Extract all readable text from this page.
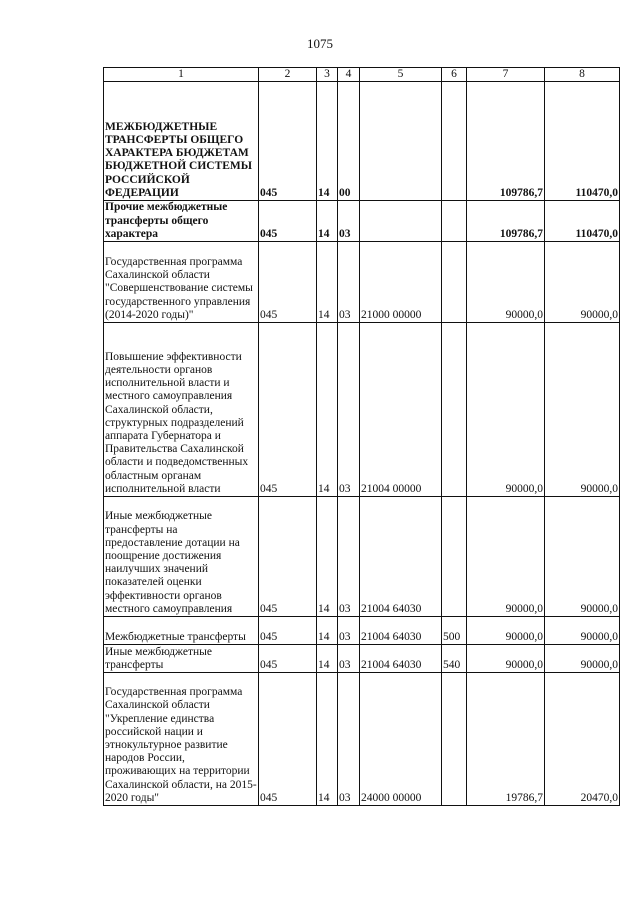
1075
1	2	3	4	5	6	7	8
МЕЖБЮДЖЕТНЫЕ ТРАНСФЕРТЫ ОБЩЕГО ХАРАКТЕРА БЮДЖЕТАМ БЮДЖЕТНОЙ СИСТЕМЫ РОССИЙСКОЙ ФЕДЕРАЦИИ	045	14	00			109786,7	110470,0
Прочие межбюджетные трансферты общего характера	045	14	03			109786,7	110470,0
Государственная программа Сахалинской области "Совершенствование системы государственного управления (2014-2020 годы)"	045	14	03	21000 00000		90000,0	90000,0
Повышение эффективности деятельности органов исполнительной власти и местного самоуправления Сахалинской области, структурных подразделений аппарата Губернатора и Правительства Сахалинской области и подведомственных областным органам исполнительной власти	045	14	03	21004 00000		90000,0	90000,0
Иные межбюджетные трансферты на предоставление дотации на поощрение достижения наилучших значений показателей оценки эффективности органов местного самоуправления	045	14	03	21004 64030		90000,0	90000,0
Межбюджетные трансферты	045	14	03	21004 64030	500	90000,0	90000,0
Иные межбюджетные трансферты	045	14	03	21004 64030	540	90000,0	90000,0
Государственная программа Сахалинской области "Укрепление единства российской нации и этнокультурное развитие народов России, проживающих на территории Сахалинской области, на 2015-2020 годы"	045	14	03	24000 00000		19786,7	20470,0
